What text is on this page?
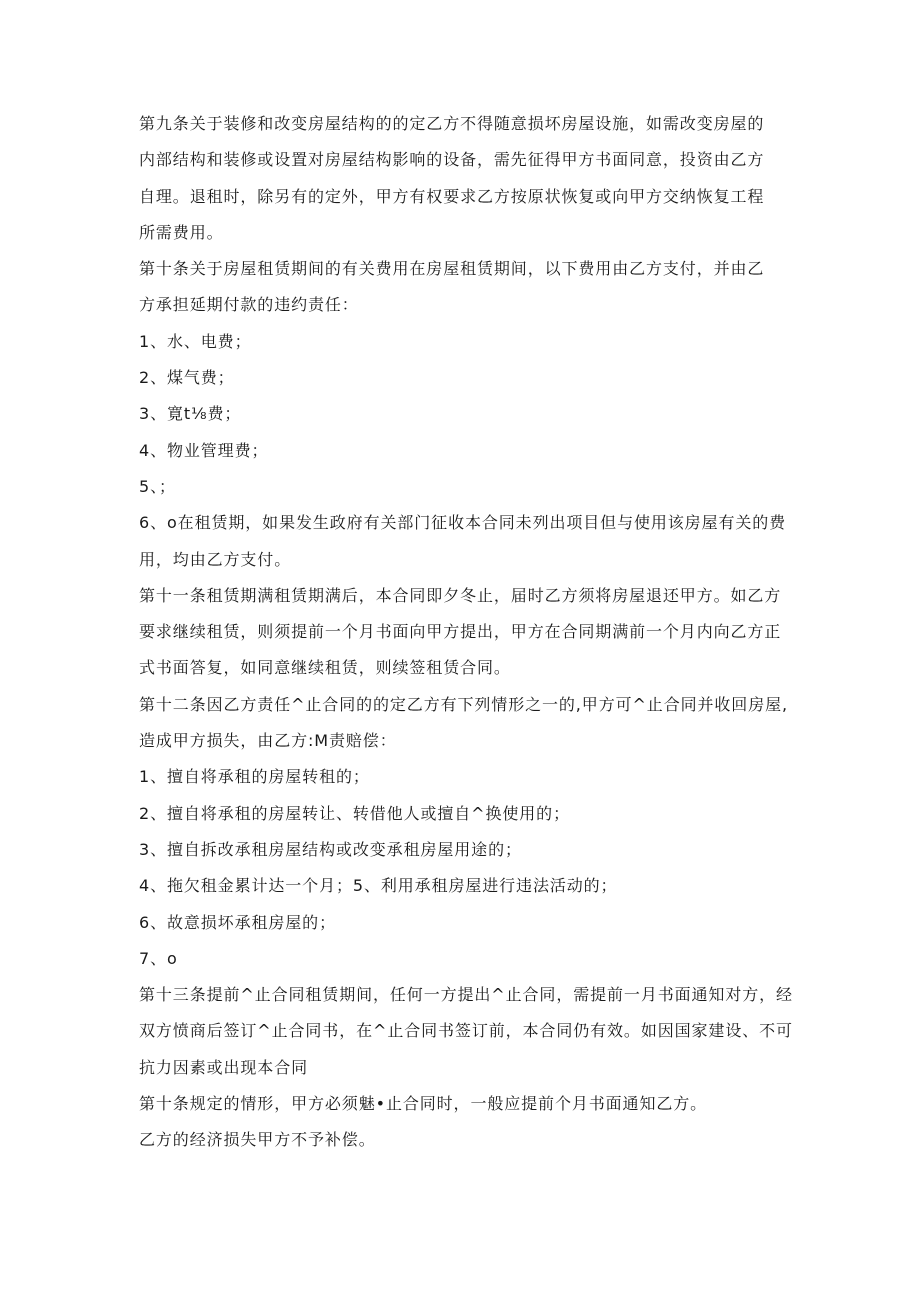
第九条关于装修和改变房屋结构的的定乙方不得随意损坏房屋设施，如需改变房屋的
内部结构和装修或设置对房屋结构影响的设备，需先征得甲方书面同意，投资由乙方
自理。退租时，除另有的定外，甲方有权要求乙方按原状恢复或向甲方交纳恢复工程
所需费用。
第十条关于房屋租赁期间的有关费用在房屋租赁期间，以下费用由乙方支付，并由乙
方承担延期付款的违约责任：
1、水、电费；
2、煤气费；
3、寛t⅛费；
4、物业管理费；
5、；
6、o在租赁期，如果发生政府有关部门征收本合同未列出项目但与使用该房屋有关的费
用，均由乙方支付。
第十一条租赁期满租赁期满后，本合同即夕冬止，届时乙方须将房屋退还甲方。如乙方
要求继续租赁，则须提前一个月书面向甲方提出，甲方在合同期满前一个月内向乙方正
式书面答复，如同意继续租赁，则续签租赁合同。
第十二条因乙方责任^止合同的的定乙方有下列情形之一的,甲方可^止合同并收回房屋,
造成甲方损失，由乙方:M责赔偿：
1、擅自将承租的房屋转租的；
2、擅自将承租的房屋转让、转借他人或擅自^换使用的；
3、擅自拆改承租房屋结构或改变承租房屋用途的；
4、拖欠租金累计达一个月；5、利用承租房屋进行违法活动的；
6、故意损坏承租房屋的；
7、o
第十三条提前^止合同租赁期间，任何一方提出^止合同，需提前一月书面通知对方，经
双方愤商后签订^止合同书，在^止合同书签订前，本合同仍有效。如因国家建设、不可
抗力因素或出现本合同
第十条规定的情形，甲方必须魅•止合同时，一般应提前个月书面通知乙方。
乙方的经济损失甲方不予补偿。
